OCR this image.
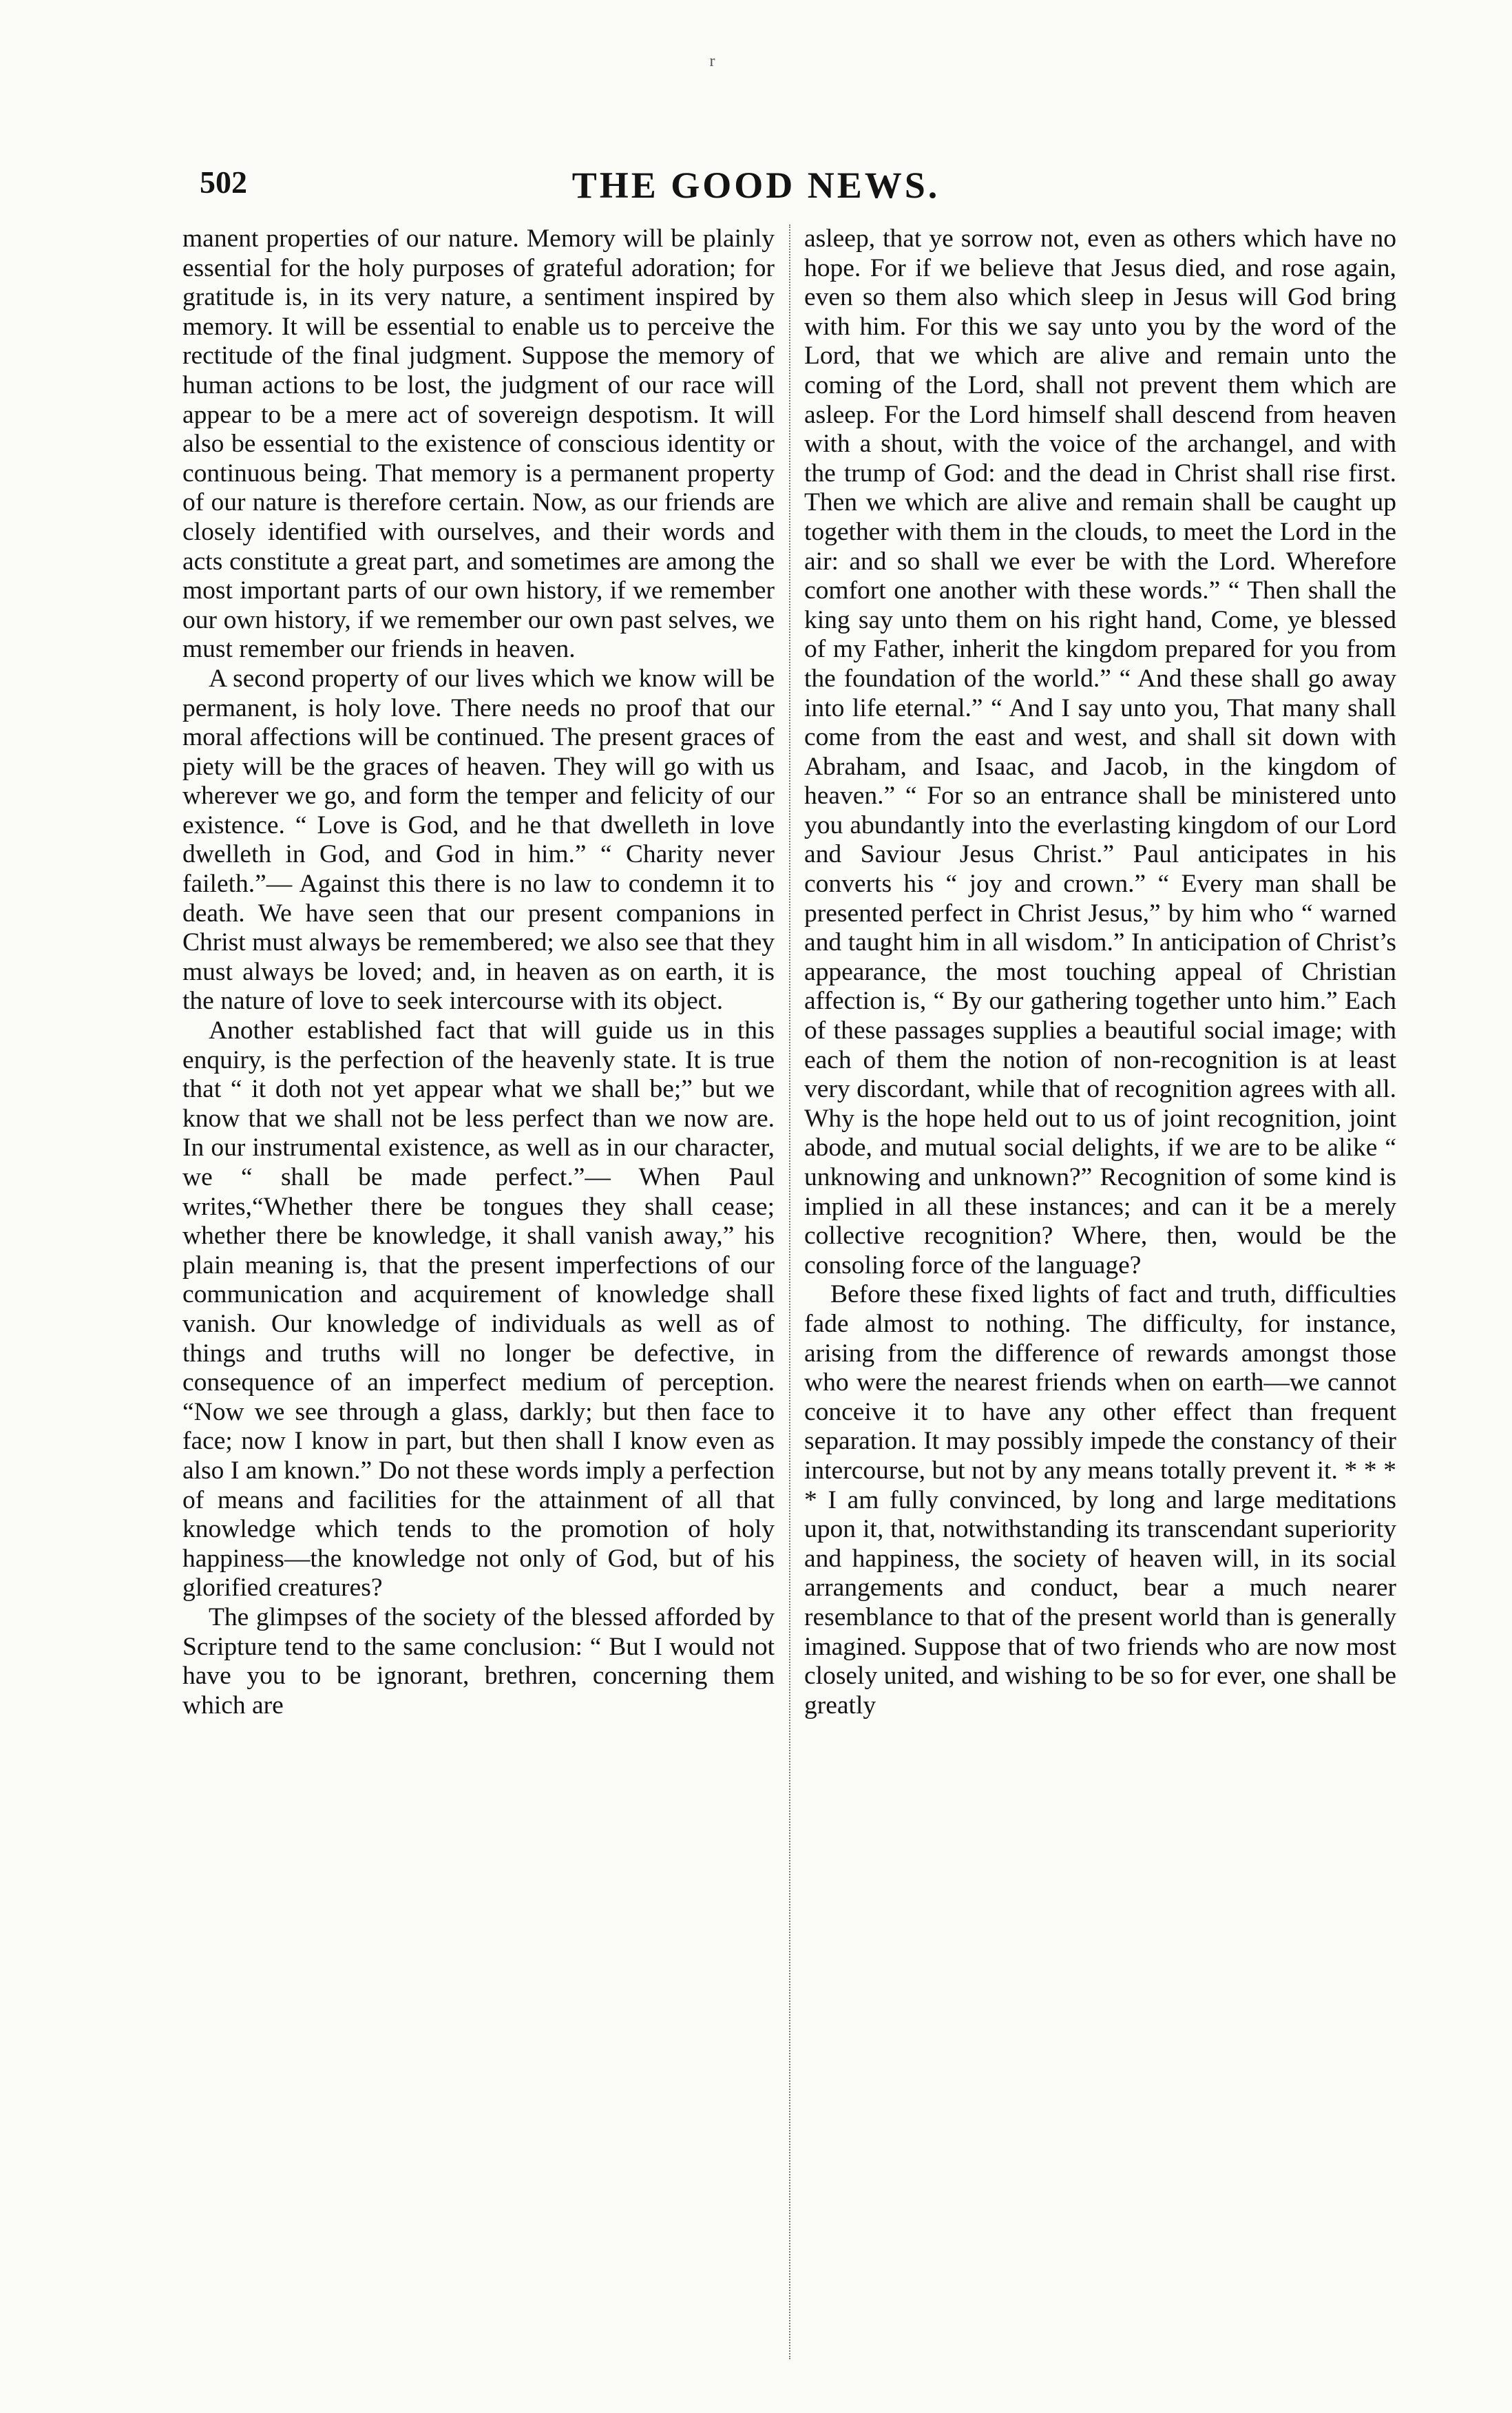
ʳ
502	THE GOOD NEWS.

manent properties of our nature. Memory will be plainly essential for the holy purposes of grateful adoration; for gratitude is, in its very nature, a sentiment inspired by memory. It will be essential to enable us to perceive the rectitude of the final judgment. Suppose the memory of human actions to be lost, the judgment of our race will appear to be a mere act of sovereign despotism. It will also be essential to the existence of conscious identity or continuous being. That memory is a permanent property of our nature is therefore certain. Now, as our friends are closely identified with ourselves, and their words and acts constitute a great part, and sometimes are among the most important parts of our own history, if we remember our own history, if we remember our own past selves, we must remember our friends in heaven.

A second property of our lives which we know will be permanent, is holy love. There needs no proof that our moral affections will be continued. The present graces of piety will be the graces of heaven. They will go with us wherever we go, and form the temper and felicity of our existence. “ Love is God, and he that dwelleth in love dwelleth in God, and God in him.” “ Charity never faileth.”— Against this there is no law to condemn it to death. We have seen that our present companions in Christ must always be remembered; we also see that they must always be loved; and, in heaven as on earth, it is the nature of love to seek intercourse with its object.

Another established fact that will guide us in this enquiry, is the perfection of the heavenly state. It is true that “ it doth not yet appear what we shall be;” but we know that we shall not be less perfect than we now are. In our instrumental existence, as well as in our character, we “ shall be made perfect.”— When Paul writes,“Whether there be tongues they shall cease; whether there be knowledge, it shall vanish away,” his plain meaning is, that the present imperfections of our communication and acquirement of knowledge shall vanish. Our knowledge of individuals as well as of things and truths will no longer be defective, in consequence of an imperfect medium of perception. “Now we see through a glass, darkly; but then face to face; now I know in part, but then shall I know even as also I am known.” Do not these words imply a perfection of means and facilities for the attainment of all that knowledge which tends to the promotion of holy happiness—the knowledge not only of God, but of his glorified creatures?

The glimpses of the society of the blessed afforded by Scripture tend to the same conclusion: “ But I would not have you to be ignorant, brethren, concerning them which are

asleep, that ye sorrow not, even as others which have no hope. For if we believe that Jesus died, and rose again, even so them also which sleep in Jesus will God bring with him. For this we say unto you by the word of the Lord, that we which are alive and remain unto the coming of the Lord, shall not prevent them which are asleep. For the Lord himself shall descend from heaven with a shout, with the voice of the archangel, and with the trump of God: and the dead in Christ shall rise first. Then we which are alive and remain shall be caught up together with them in the clouds, to meet the Lord in the air: and so shall we ever be with the Lord. Wherefore comfort one another with these words.” “ Then shall the king say unto them on his right hand, Come, ye blessed of my Father, inherit the kingdom prepared for you from the foundation of the world.” “ And these shall go away into life eternal.” “ And I say unto you, That many shall come from the east and west, and shall sit down with Abraham, and Isaac, and Jacob, in the kingdom of heaven.” “ For so an entrance shall be ministered unto you abundantly into the everlasting kingdom of our Lord and Saviour Jesus Christ.” Paul anticipates in his converts his “ joy and crown.” “ Every man shall be presented perfect in Christ Jesus,” by him who “ warned and taught him in all wisdom.” In anticipation of Christ’s appearance, the most touching appeal of Christian affection is, “ By our gathering together unto him.” Each of these passages supplies a beautiful social image; with each of them the notion of non-recognition is at least very discordant, while that of recognition agrees with all. Why is the hope held out to us of joint recognition, joint abode, and mutual social delights, if we are to be alike “ unknowing and unknown?” Recognition of some kind is implied in all these instances; and can it be a merely collective recognition? Where, then, would be the consoling force of the language?

Before these fixed lights of fact and truth, difficulties fade almost to nothing. The difficulty, for instance, arising from the difference of rewards amongst those who were the nearest friends when on earth—we cannot conceive it to have any other effect than frequent separation. It may possibly impede the constancy of their intercourse, but not by any means totally prevent it. * * * * I am fully convinced, by long and large meditations upon it, that, notwithstanding its transcendant superiority and happiness, the society of heaven will, in its social arrangements and conduct, bear a much nearer resemblance to that of the present world than is generally imagined. Suppose that of two friends who are now most closely united, and wishing to be so for ever, one shall be greatly
